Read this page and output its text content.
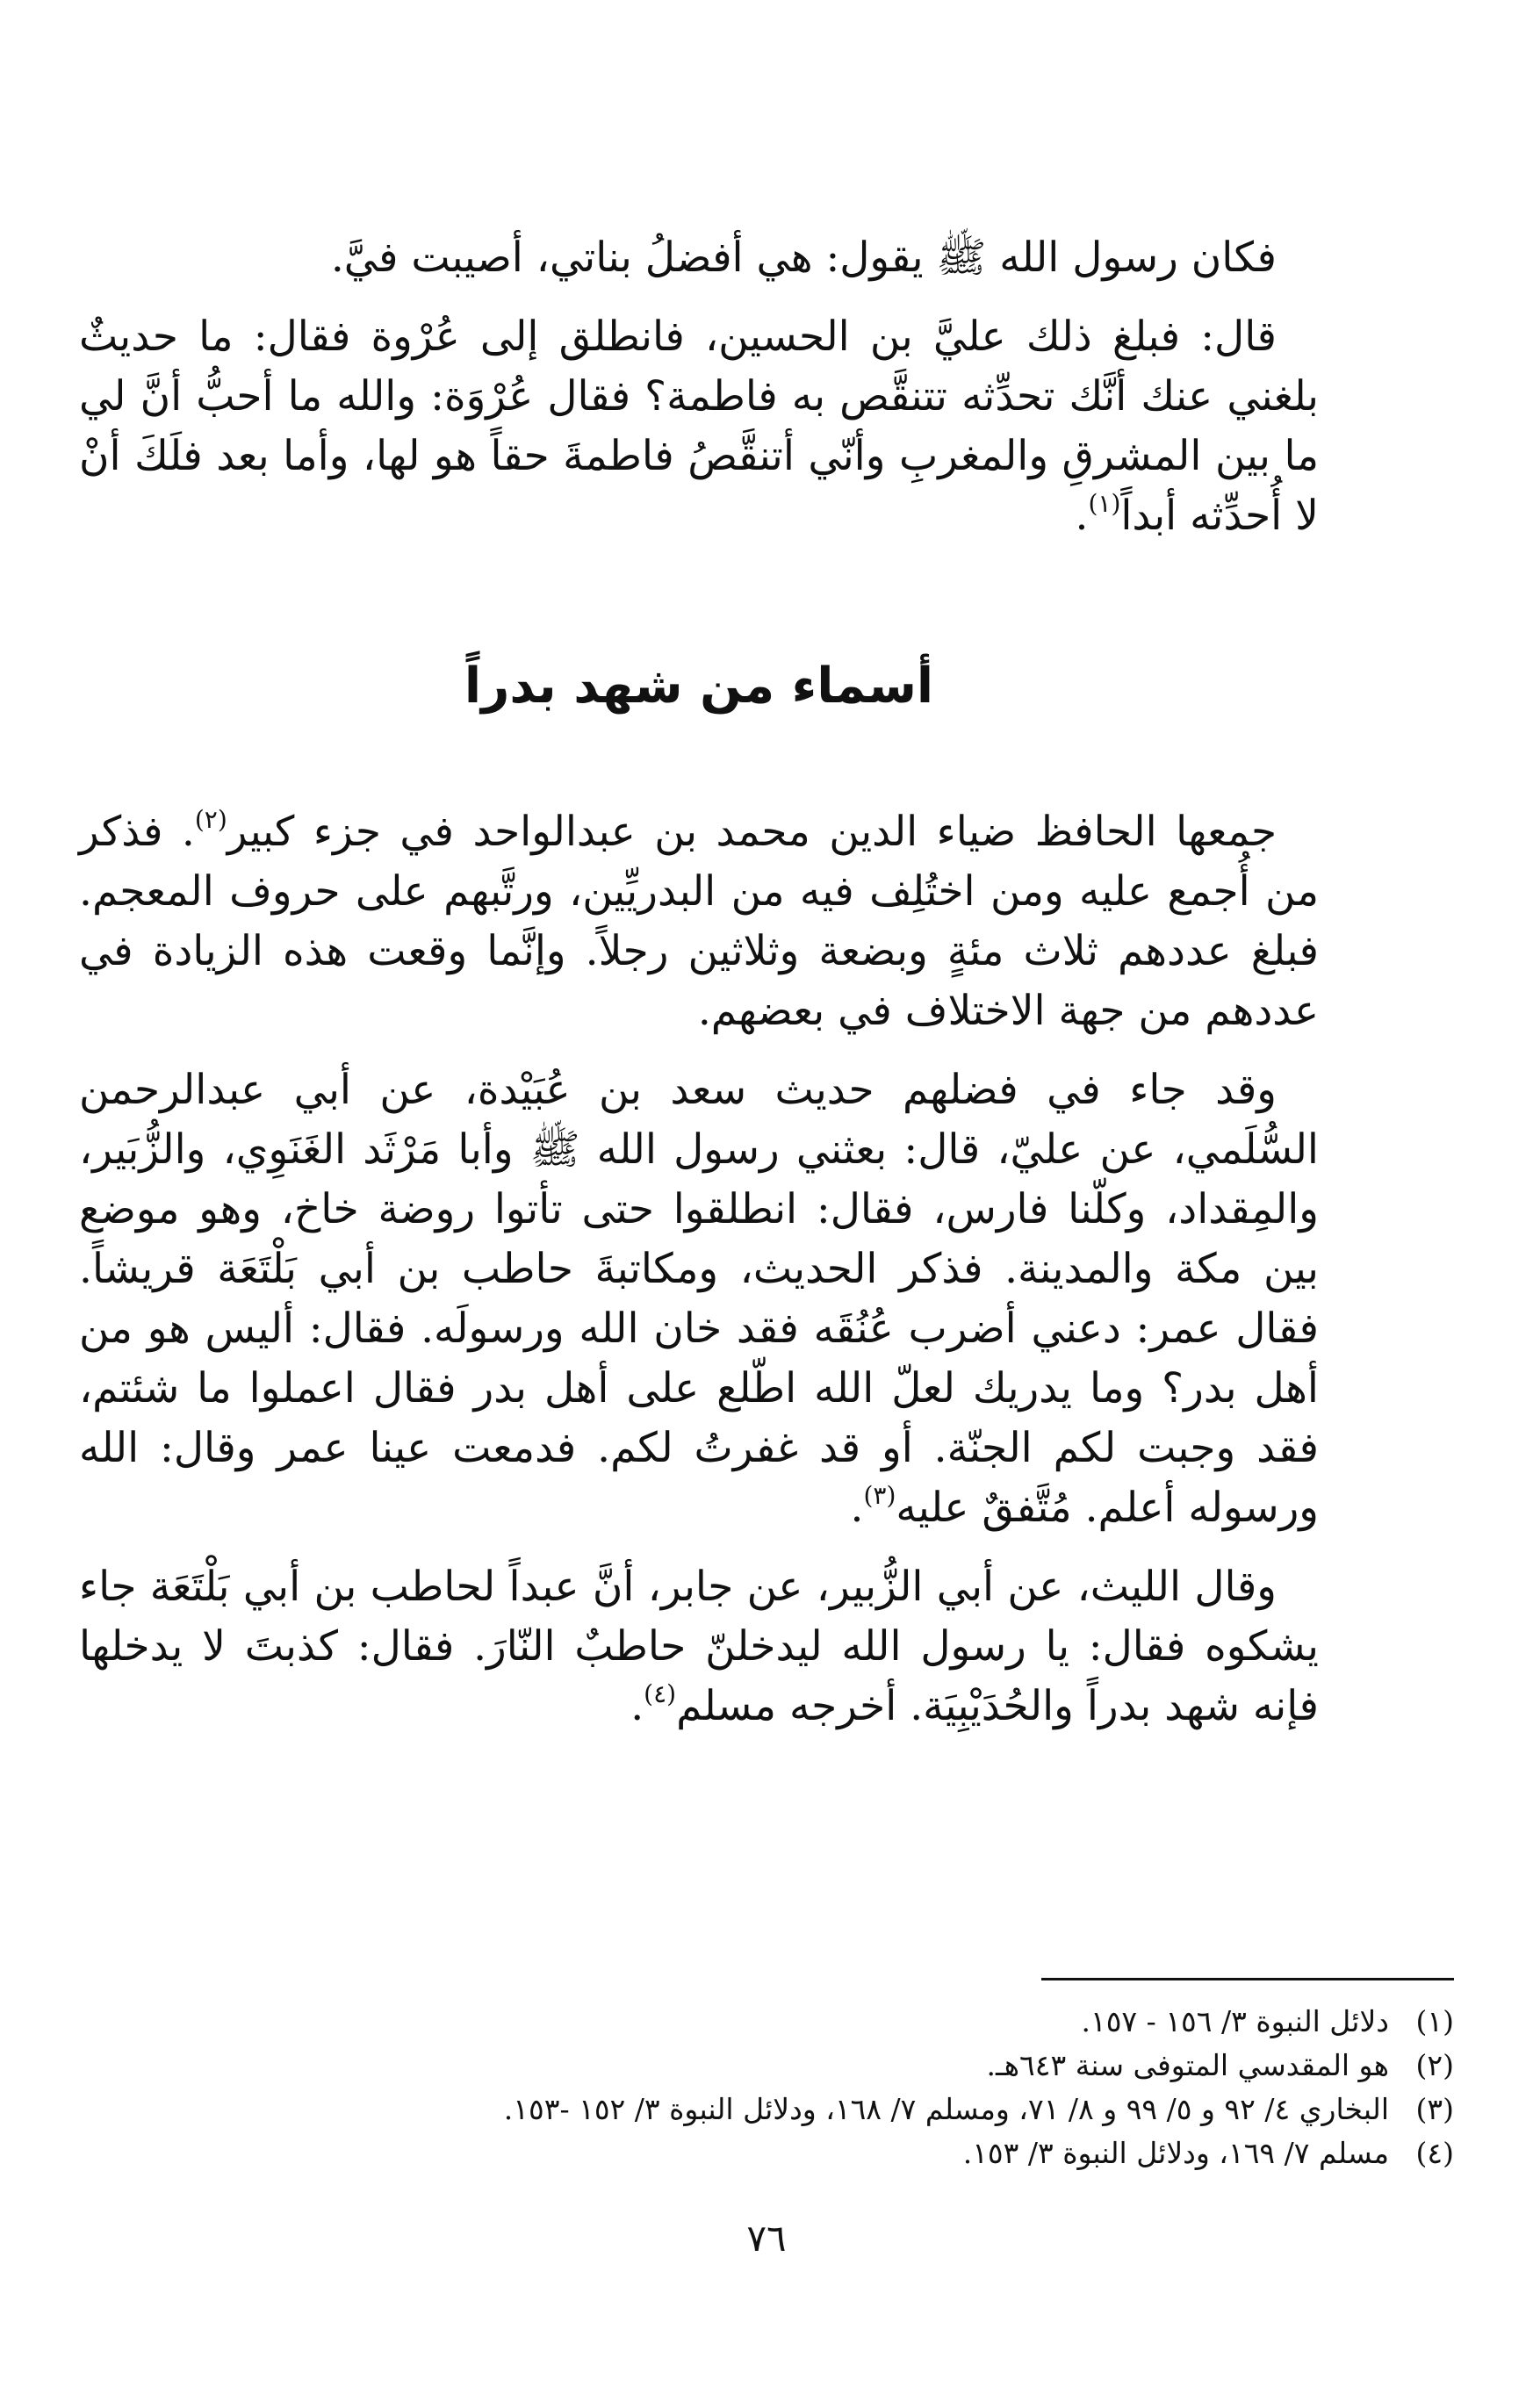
فكان رسول الله ﷺ يقول: هي أفضلُ بناتي، أصيبت فيَّ.

قال: فبلغ ذلك عليَّ بن الحسين، فانطلق إلى عُرْوة فقال: ما حديثٌ بلغني عنك أنَّك تحدِّثه تتنقَّص به فاطمة؟ فقال عُرْوَة: والله ما أحبُّ أنَّ لي ما بين المشرقِ والمغربِ وأنّي أتنقَّصُ فاطمةَ حقاً هو لها، وأما بعد فلَكَ أنْ لا أُحدِّثه أبداً$^{(١)}$.

أسماء من شهد بدراً

جمعها الحافظ ضياء الدين محمد بن عبدالواحد في جزء كبير$^{(٢)}$. فذكر من أُجمع عليه ومن اختُلِف فيه من البدريِّين، ورتَّبهم على حروف المعجم. فبلغ عددهم ثلاث مئةٍ وبضعة وثلاثين رجلاً. وإنَّما وقعت هذه الزيادة في عددهم من جهة الاختلاف في بعضهم.

وقد جاء في فضلهم حديث سعد بن عُبَيْدة، عن أبي عبدالرحمن السُّلَمي، عن عليّ، قال: بعثني رسول الله ﷺ وأبا مَرْثَد الغَنَوِي، والزُّبَير، والمِقداد، وكلّنا فارس، فقال: انطلقوا حتى تأتوا روضة خاخ، وهو موضع بين مكة والمدينة. فذكر الحديث، ومكاتبةَ حاطب بن أبي بَلْتَعَة قريشاً. فقال عمر: دعني أضرب عُنُقَه فقد خان الله ورسولَه. فقال: أليس هو من أهل بدر؟ وما يدريك لعلّ الله اطّلع على أهل بدر فقال اعملوا ما شئتم، فقد وجبت لكم الجنّة. أو قد غفرتُ لكم. فدمعت عينا عمر وقال: الله ورسوله أعلم. مُتَّفقٌ عليه$^{(٣)}$.

وقال الليث، عن أبي الزُّبير، عن جابر، أنَّ عبداً لحاطب بن أبي بَلْتَعَة جاء يشكوه فقال: يا رسول الله ليدخلنّ حاطبٌ النّارَ. فقال: كذبتَ لا يدخلها فإنه شهد بدراً والحُدَيْبِيَة. أخرجه مسلم$^{(٤)}$.

(١)
دلائل النبوة ٣/ ١٥٦ - ١٥٧.
(٢)
هو المقدسي المتوفى سنة ٦٤٣هـ.
(٣)
البخاري ٤/ ٩٢ و ٥/ ٩٩ و ٨/ ٧١، ومسلم ٧/ ١٦٨، ودلائل النبوة ٣/ ١٥٢ -١٥٣.
(٤)
مسلم ٧/ ١٦٩، ودلائل النبوة ٣/ ١٥٣.
٧٦
